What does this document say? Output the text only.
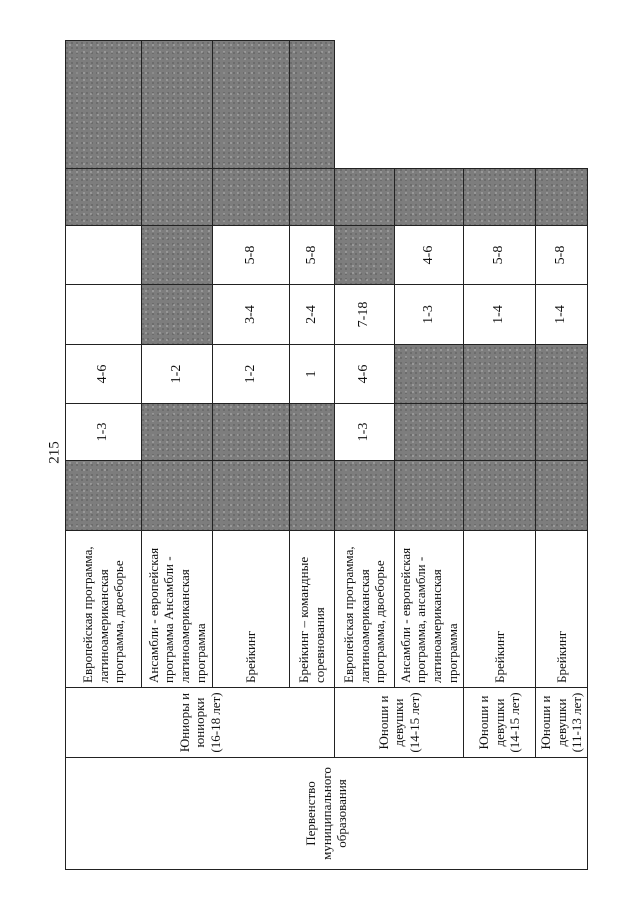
215
Первенство муниципального образования	Юниоры и юниорки (16-18 лет)	Европейская программа, латиноамериканская программа, двоеборье		1-3	4-6				
		Ансамбли - европейская программа Ансамбли - латиноамериканская программа			1-2				
		Брейкинг			1-2	3-4	5-8		
		Брейкинг – командные соревнования			1	2-4	5-8		
	Юноши и девушки (14-15 лет)	Европейская программа, латиноамериканская программа, двоеборье		1-3	4-6	7-18			
		Ансамбли - европейская программа, ансамбли - латиноамериканская программа				1-3	4-6		
	Юноши и девушки (14-15 лет)	Брейкинг				1-4	5-8		
	Юноши и девушки (11-13 лет)	Брейкинг				1-4	5-8		
